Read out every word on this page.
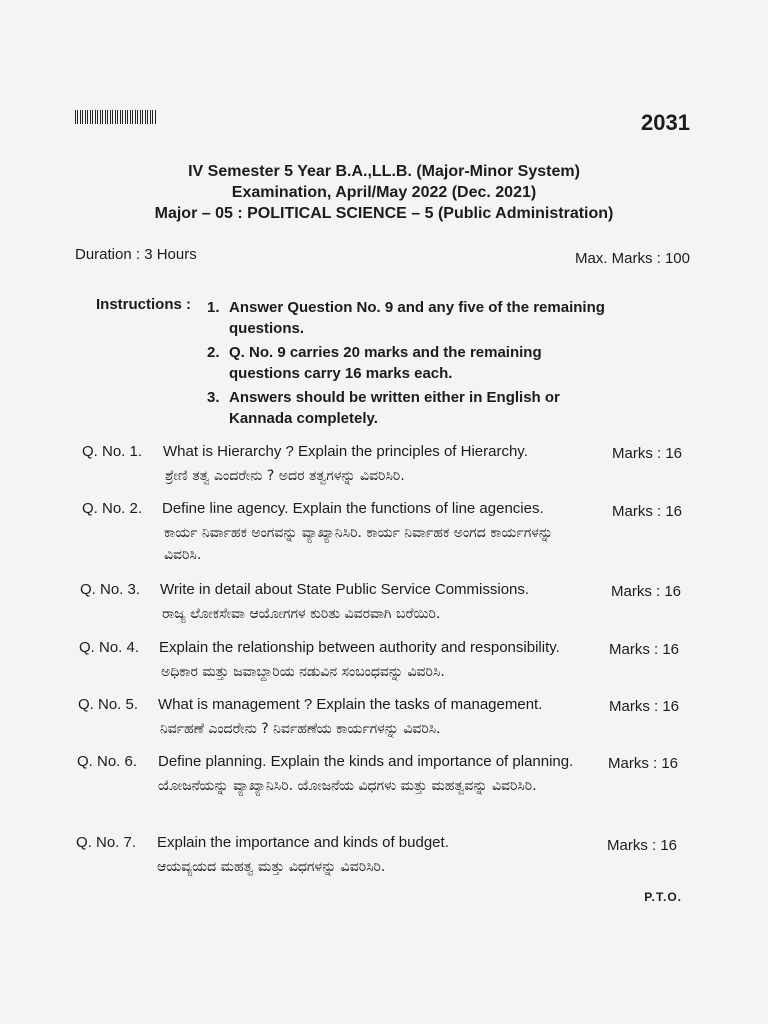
2031
IV Semester 5 Year B.A.,LL.B. (Major-Minor System)
Examination, April/May 2022 (Dec. 2021)
Major – 05 : POLITICAL SCIENCE – 5 (Public Administration)
Duration : 3 Hours	Max. Marks : 100
Instructions : 1. Answer Question No. 9 and any five of the remaining questions.
2. Q. No. 9 carries 20 marks and the remaining questions carry 16 marks each.
3. Answers should be written either in English or Kannada completely.
Q. No. 1. What is Hierarchy ? Explain the principles of Hierarchy.
ಶ್ರೇಣಿ ತತ್ವ ಎಂದರೇನು ? ಅದರ ತತ್ವಗಳನ್ನು ವಿವರಿಸಿರಿ.
Marks : 16
Q. No. 2. Define line agency. Explain the functions of line agencies.
ಕಾರ್ಯ ನಿರ್ವಾಹಕ ಅಂಗವನ್ನು ವ್ಯಾಖ್ಯಾನಿಸಿರಿ. ಕಾರ್ಯ ನಿರ್ವಾಹಕ ಅಂಗದ ಕಾರ್ಯಗಳನ್ನು ವಿವರಿಸಿ.
Marks : 16
Q. No. 3. Write in detail about State Public Service Commissions.
ರಾಜ್ಯ ಲೋಕಸೇವಾ ಆಯೋಗಗಳ ಕುರಿತು ವಿವರವಾಗಿ ಬರೆಯಿರಿ.
Marks : 16
Q. No. 4. Explain the relationship between authority and responsibility.
ಅಧಿಕಾರ ಮತ್ತು ಜವಾಬ್ದಾರಿಯ ನಡುವಿನ ಸಂಬಂಧವನ್ನು ವಿವರಿಸಿ.
Marks : 16
Q. No. 5. What is management ? Explain the tasks of management.
ನಿರ್ವಹಣೆ ಎಂದರೇನು ? ನಿರ್ವಹಣೆಯ ಕಾರ್ಯಗಳನ್ನು ವಿವರಿಸಿ.
Marks : 16
Q. No. 6. Define planning. Explain the kinds and importance of planning.
ಯೋಜನೆಯನ್ನು ವ್ಯಾಖ್ಯಾನಿಸಿರಿ. ಯೋಜನೆಯ ವಿಧಗಳು ಮತ್ತು ಮಹತ್ವವನ್ನು ವಿವರಿಸಿರಿ.
Marks : 16
Q. No. 7. Explain the importance and kinds of budget.
ಆಯವ್ಯಯದ ಮಹತ್ವ ಮತ್ತು ವಿಧಗಳನ್ನು ವಿವರಿಸಿರಿ.
Marks : 16
P.T.O.
